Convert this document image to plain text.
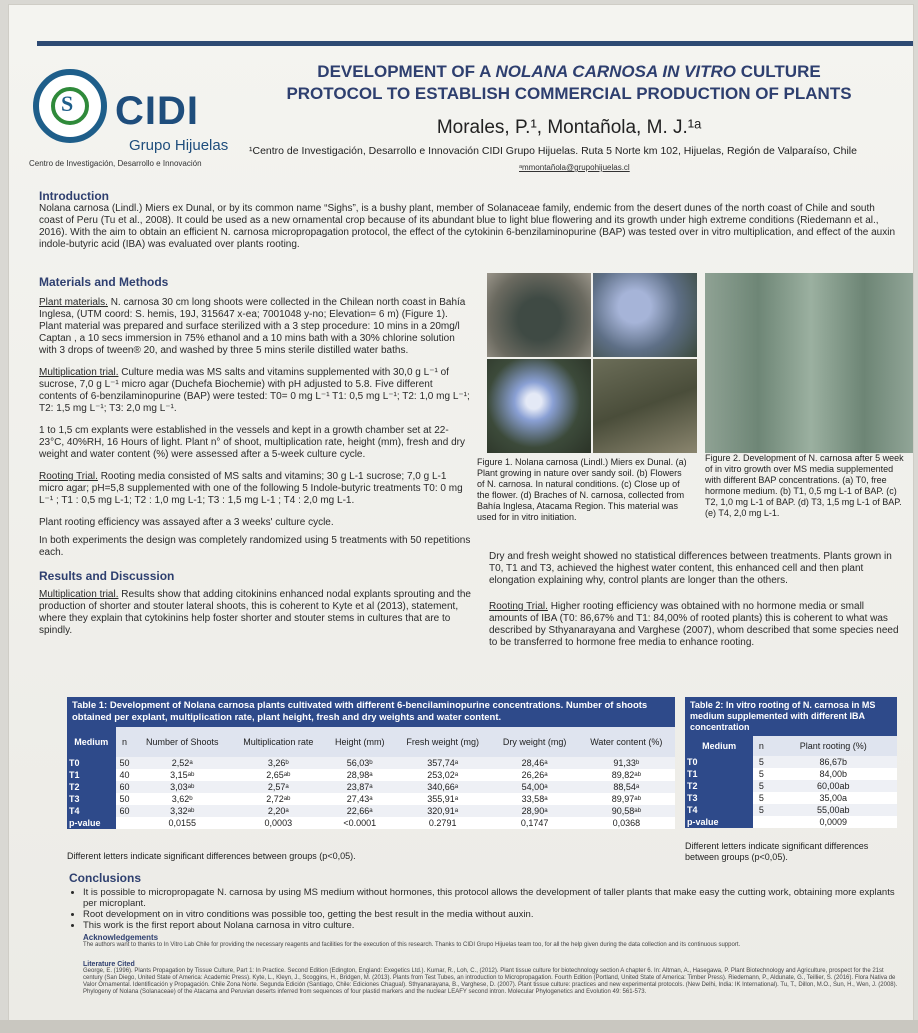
S CIDI
Grupo Hijuelas
Centro de Investigación, Desarrollo e Innovación
DEVELOPMENT OF A NOLANA CARNOSA IN VITRO CULTURE
PROTOCOL TO ESTABLISH COMMERCIAL PRODUCTION OF PLANTS
Morales, P.¹, Montañola, M. J.¹ᵃ
¹Centro de Investigación, Desarrollo e Innovación CIDI Grupo Hijuelas. Ruta 5 Norte km 102, Hijuelas, Región de Valparaíso, Chile
ᵃmmontañola@grupohijuelas.cl
Introduction

Nolana carnosa (Lindl.) Miers ex Dunal, or by its common name “Sighs”, is a bushy plant, member of Solanaceae family, endemic from the desert dunes of the north coast of Chile and south coast of Peru (Tu et al., 2008). It could be used as a new ornamental crop because of its abundant blue to light blue flowering and its growth under high extreme conditions (Riedemann et al., 2016). With the aim to obtain an efficient N. carnosa micropropagation protocol, the effect of the cytokinin 6-benzilaminopurine (BAP) was tested over in vitro multiplication, and effect of the auxin indole-butyric acid (IBA) was evaluated over plants rooting.

Materials and Methods

Plant materials. N. carnosa 30 cm long shoots were collected in the Chilean north coast in Bahía Inglesa, (UTM coord: S. hemis, 19J, 315647 x-ea; 7001048 y-no; Elevation= 6 m) (Figure 1). Plant material was prepared and surface sterilized with a 3 step procedure: 10 mins in a 20mg/l Captan , a 10 secs immersion in 75% ethanol and a 10 mins bath with a 30% chlorine solution with 3 drops of tween® 20, and washed by three 5 mins sterile distilled water baths.

Multiplication trial. Culture media was MS salts and vitamins supplemented with 30,0 g L⁻¹ of sucrose, 7,0 g L⁻¹ micro agar (Duchefa Biochemie) with pH adjusted to 5.8. Five different contents of 6-benzilaminopurine (BAP) were tested: T0= 0 mg L⁻¹ T1: 0,5 mg L⁻¹; T2: 1,0 mg L⁻¹; T2: 1,5 mg L⁻¹; T3: 2,0 mg L⁻¹.

1 to 1,5 cm explants were established in the vessels and kept in a growth chamber set at 22-23°C, 40%RH, 16 Hours of light. Plant n° of shoot, multiplication rate, height (mm), fresh and dry weight and water content (%) were assessed after a 5-week culture cycle.

Rooting Trial. Rooting media consisted of MS salts and vitamins; 30 g L-1 sucrose; 7,0 g L-1 micro agar; pH=5,8 supplemented with one of the following 5 Indole-butyric treatments T0: 0 mg L⁻¹ ; T1 : 0,5 mg L-1; T2 : 1,0 mg L-1; T3 : 1,5 mg L-1 ; T4 : 2,0 mg L-1.

Plant rooting efficiency was assayed after a 3 weeks' culture cycle.

In both experiments the design was completely randomized using 5 treatments with 50 repetitions each.

Results and Discussion

Multiplication trial. Results show that adding citokinins enhanced nodal explants sprouting and the production of shorter and stouter lateral shoots, this is coherent to Kyte et al (2013), statement, where they explain that cytokinins help foster shorter and stouter stems in cultures that are to spindly.

Figure 1. Nolana carnosa (Lindl.) Miers ex Dunal. (a) Plant growing in nature over sandy soil. (b) Flowers of N. carnosa. In natural conditions. (c) Close up of the flower. (d) Braches of N. carnosa, collected from Bahía Inglesa, Atacama Region. This material was used for in vitro initiation.
Figure 2. Development of N. carnosa after 5 week of in vitro growth over MS media supplemented with different BAP concentrations. (a) T0, free hormone medium. (b) T1, 0,5 mg L-1 of BAP. (c) T2, 1,0 mg L-1 of BAP. (d) T3, 1,5 mg L-1 of BAP. (e) T4, 2,0 mg L-1.

Dry and fresh weight showed no statistical differences between treatments. Plants grown in T0, T1 and T3, achieved the highest water content, this enhanced cell and then plant elongation explaining why, control plants are longer than the others.

Rooting Trial. Higher rooting efficiency was obtained with no hormone media or small amounts of IBA (T0: 86,67% and T1: 84,00% of rooted plants) this is coherent to what was described by Sthyanarayana and Varghese (2007), whom described that some species need to be transferred to hormone free media to enhance rooting.

Table 1: Development of Nolana carnosa plants cultivated with different 6-bencilaminopurine concentrations. Number of shoots obtained per explant, multiplication rate, plant height, fresh and dry weights and water content.
Medium	n	Number of Shoots	Multiplication rate	Height (mm)	Fresh weight (mg)	Dry weight (mg)	Water content (%)
T0	50	2,52ᵃ	3,26ᵇ	56,03ᵇ	357,74ᵃ	28,46ᵃ	91,33ᵇ
T1	40	3,15ᵃᵇ	2,65ᵃᵇ	28,98ᵃ	253,02ᵃ	26,26ᵃ	89,82ᵃᵇ
T2	60	3,03ᵃᵇ	2,57ᵃ	23,87ᵃ	340,66ᵃ	54,00ᵃ	88,54ᵃ
T3	50	3,62ᵇ	2,72ᵃᵇ	27,43ᵃ	355,91ᵃ	33,58ᵃ	89,97ᵃᵇ
T4	60	3,32ᵃᵇ	2,20ᵃ	22,66ᵃ	320,91ᵃ	28,90ᵃ	90,58ᵃᵇ
p-value		0,0155	0,0003	<0.0001	0.2791	0,1747	0,0368
Different letters indicate significant differences between groups (p<0,05).
Table 2: In vitro rooting of N. carnosa in MS medium supplemented with different IBA concentration
Medium	n	Plant rooting (%)
T0	5	86,67b
T1	5	84,00b
T2	5	60,00ab
T3	5	35,00a
T4	5	55,00ab
p-value		0,0009
Different letters indicate significant differences between groups (p<0,05).
Conclusions
• It is possible to micropropagate N. carnosa by using MS medium without hormones, this protocol allows the development of taller plants that make easy the cutting work, obtaining more explants per microplant.
• Root development on in vitro conditions was possible too, getting the best result in the media without auxin.
• This work is the first report about Nolana carnosa in vitro culture.
Acknowledgements
The authors want to thanks to In Vitro Lab Chile for providing the necessary reagents and facilities for the execution of this research. Thanks to CIDI Grupo Hijuelas team too, for all the help given during the data collection and its continuous support.
Literature Cited
George, E. (1996). Plants Propagation by Tissue Culture, Part 1: In Practice. Second Edition (Edington, England: Exegetics Ltd.). Kumar, R., Loh, C., (2012). Plant tissue culture for biotechnology section A chapter 6. In: Altman, A., Hasegawa, P. Plant Biotechnology and Agriculture, prospect for the 21st century (San Diego, United State of America: Academic Press). Kyte, L., Kleyn, J., Scoggins, H., Bridgen, M. (2013). Plants from Test Tubes, an introduction to Micropropagation. Fourth Edition (Portland, United State of America: Timber Press). Riedemann, P., Aldunate, G., Teillier, S. (2016). Flora Nativa de Valor Ornamental. Identificación y Propagación. Chile Zona Norte. Segunda Edición (Santiago, Chile: Ediciones Chagual). Sthyanarayana, B., Varghese, D. (2007). Plant tissue culture: practices and new experimental protocols. (New Delhi, India: IK International). Tu, T., Dillon, M.O., Sun, H., Wen, J. (2008). Phylogeny of Nolana (Solanaceae) of the Atacama and Peruvian deserts inferred from sequences of four plastid markers and the nuclear LEAFY second intron. Molecular Phylogenetics and Evolution 49: 561-573.
